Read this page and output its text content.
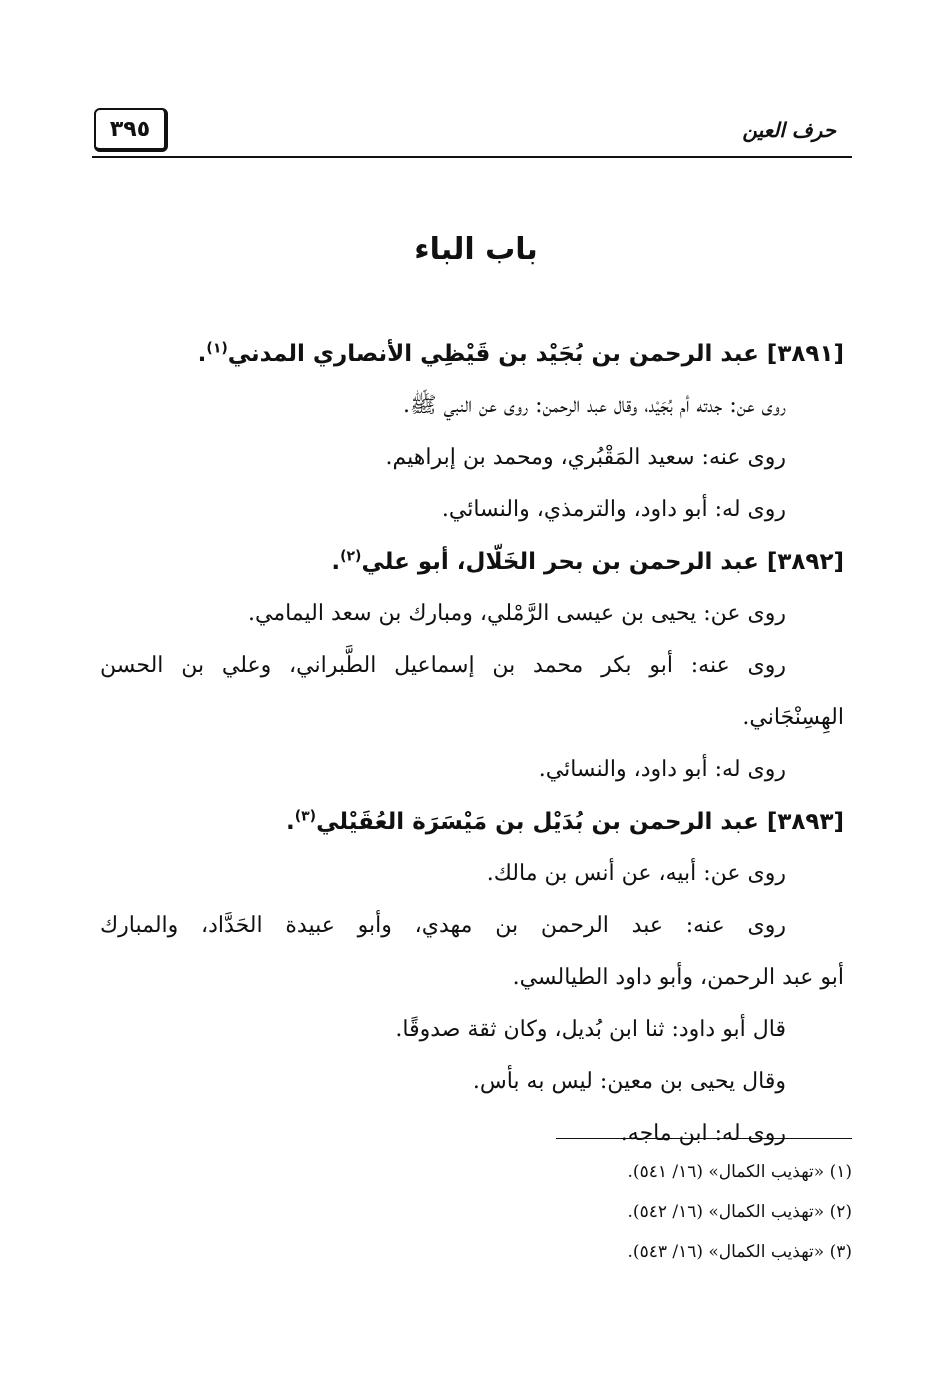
حرف العين
٣٩٥
باب الباء
[٣٨٩١] عبد الرحمن بن بُجَيْد بن قَيْظِي الأنصاري المدني$^{(١)}$.
روى عن: جدته أم بُجَيْد، وقال عبد الرحمن: روى عن النبي ﷺ.
روى عنه: سعيد المَقْبُري، ومحمد بن إبراهيم.
روى له: أبو داود، والترمذي، والنسائي.
[٣٨٩٢] عبد الرحمن بن بحر الخَلّال، أبو علي$^{(٢)}$.
روى عن: يحيى بن عيسى الرَّمْلي، ومبارك بن سعد اليمامي.
روى عنه: أبو بكر محمد بن إسماعيل الطَّبراني، وعلي بن الحسن
الهِسِنْجَاني.
روى له: أبو داود، والنسائي.
[٣٨٩٣] عبد الرحمن بن بُدَيْل بن مَيْسَرَة العُقَيْلي$^{(٣)}$.
روى عن: أبيه، عن أنس بن مالك.
روى عنه: عبد الرحمن بن مهدي، وأبو عبيدة الحَدَّاد، والمبارك
أبو عبد الرحمن، وأبو داود الطيالسي.
قال أبو داود: ثنا ابن بُديل، وكان ثقة صدوقًا.
وقال يحيى بن معين: ليس به بأس.
روى له: ابن ماجه.
(١) «تهذيب الكمال» (١٦/ ٥٤١).
(٢) «تهذيب الكمال» (١٦/ ٥٤٢).
(٣) «تهذيب الكمال» (١٦/ ٥٤٣).
